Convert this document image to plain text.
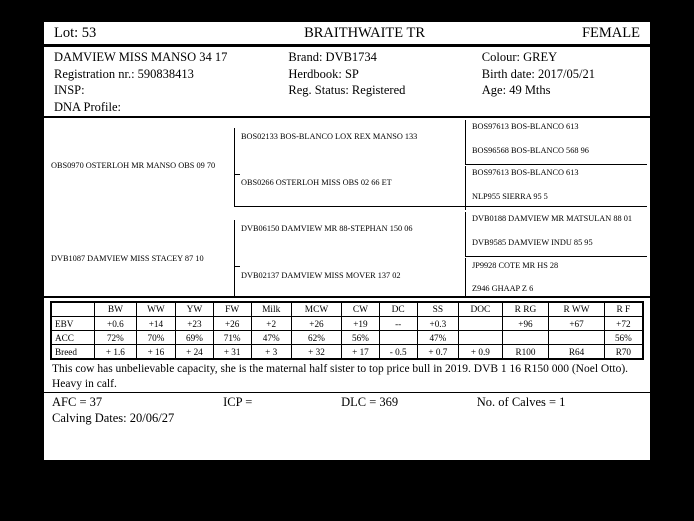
Lot: 53	BRAITHWAITE TR	FEMALE
DAMVIEW MISS MANSO 34 17
Registration nr.: 590838413
INSP:
DNA Profile:
Brand: DVB1734
Herdbook: SP
Reg. Status: Registered

Colour: GREY
Birth date: 2017/05/21
Age: 49 Mths

OBS0970 OSTERLOH MR MANSO OBS 09 70
DVB1087 DAMVIEW MISS STACEY 87 10
BOS02133 BOS-BLANCO LOX REX MANSO 133
OBS0266 OSTERLOH MISS OBS 02 66 ET
DVB06150 DAMVIEW MR 88-STEPHAN 150 06
DVB02137 DAMVIEW MISS MOVER 137 02
BOS97613 BOS-BLANCO 613
BOS96568 BOS-BLANCO 568 96
BOS97613 BOS-BLANCO 613
NLP955 SIERRA 95 5
DVB0188 DAMVIEW MR MATSULAN 88 01
DVB9585 DAMVIEW INDU 85 95
JP9928 COTE MR HS 28
Z946 GHAAP Z 6
	BW	WW	YW	FW	Milk	MCW	CW	DC	SS	DOC	R RG	R WW	R F
EBV	+0.6	+14	+23	+26	+2	+26	+19	--	+0.3		+96	+67	+72
ACC	72%	70%	69%	71%	47%	62%	56%		47%				56%
Breed	+ 1.6	+ 16	+ 24	+ 31	+ 3	+ 32	+ 17	- 0.5	+ 0.7	+ 0.9	R100	R64	R70
This cow has unbelievable capacity, she is the maternal half sister to top price bull in 2019. DVB 1 16 R150 000 (Noel Otto). Heavy in calf.
AFC = 37	ICP =	DLC = 369	No. of Calves = 1
Calving Dates: 20/06/27
